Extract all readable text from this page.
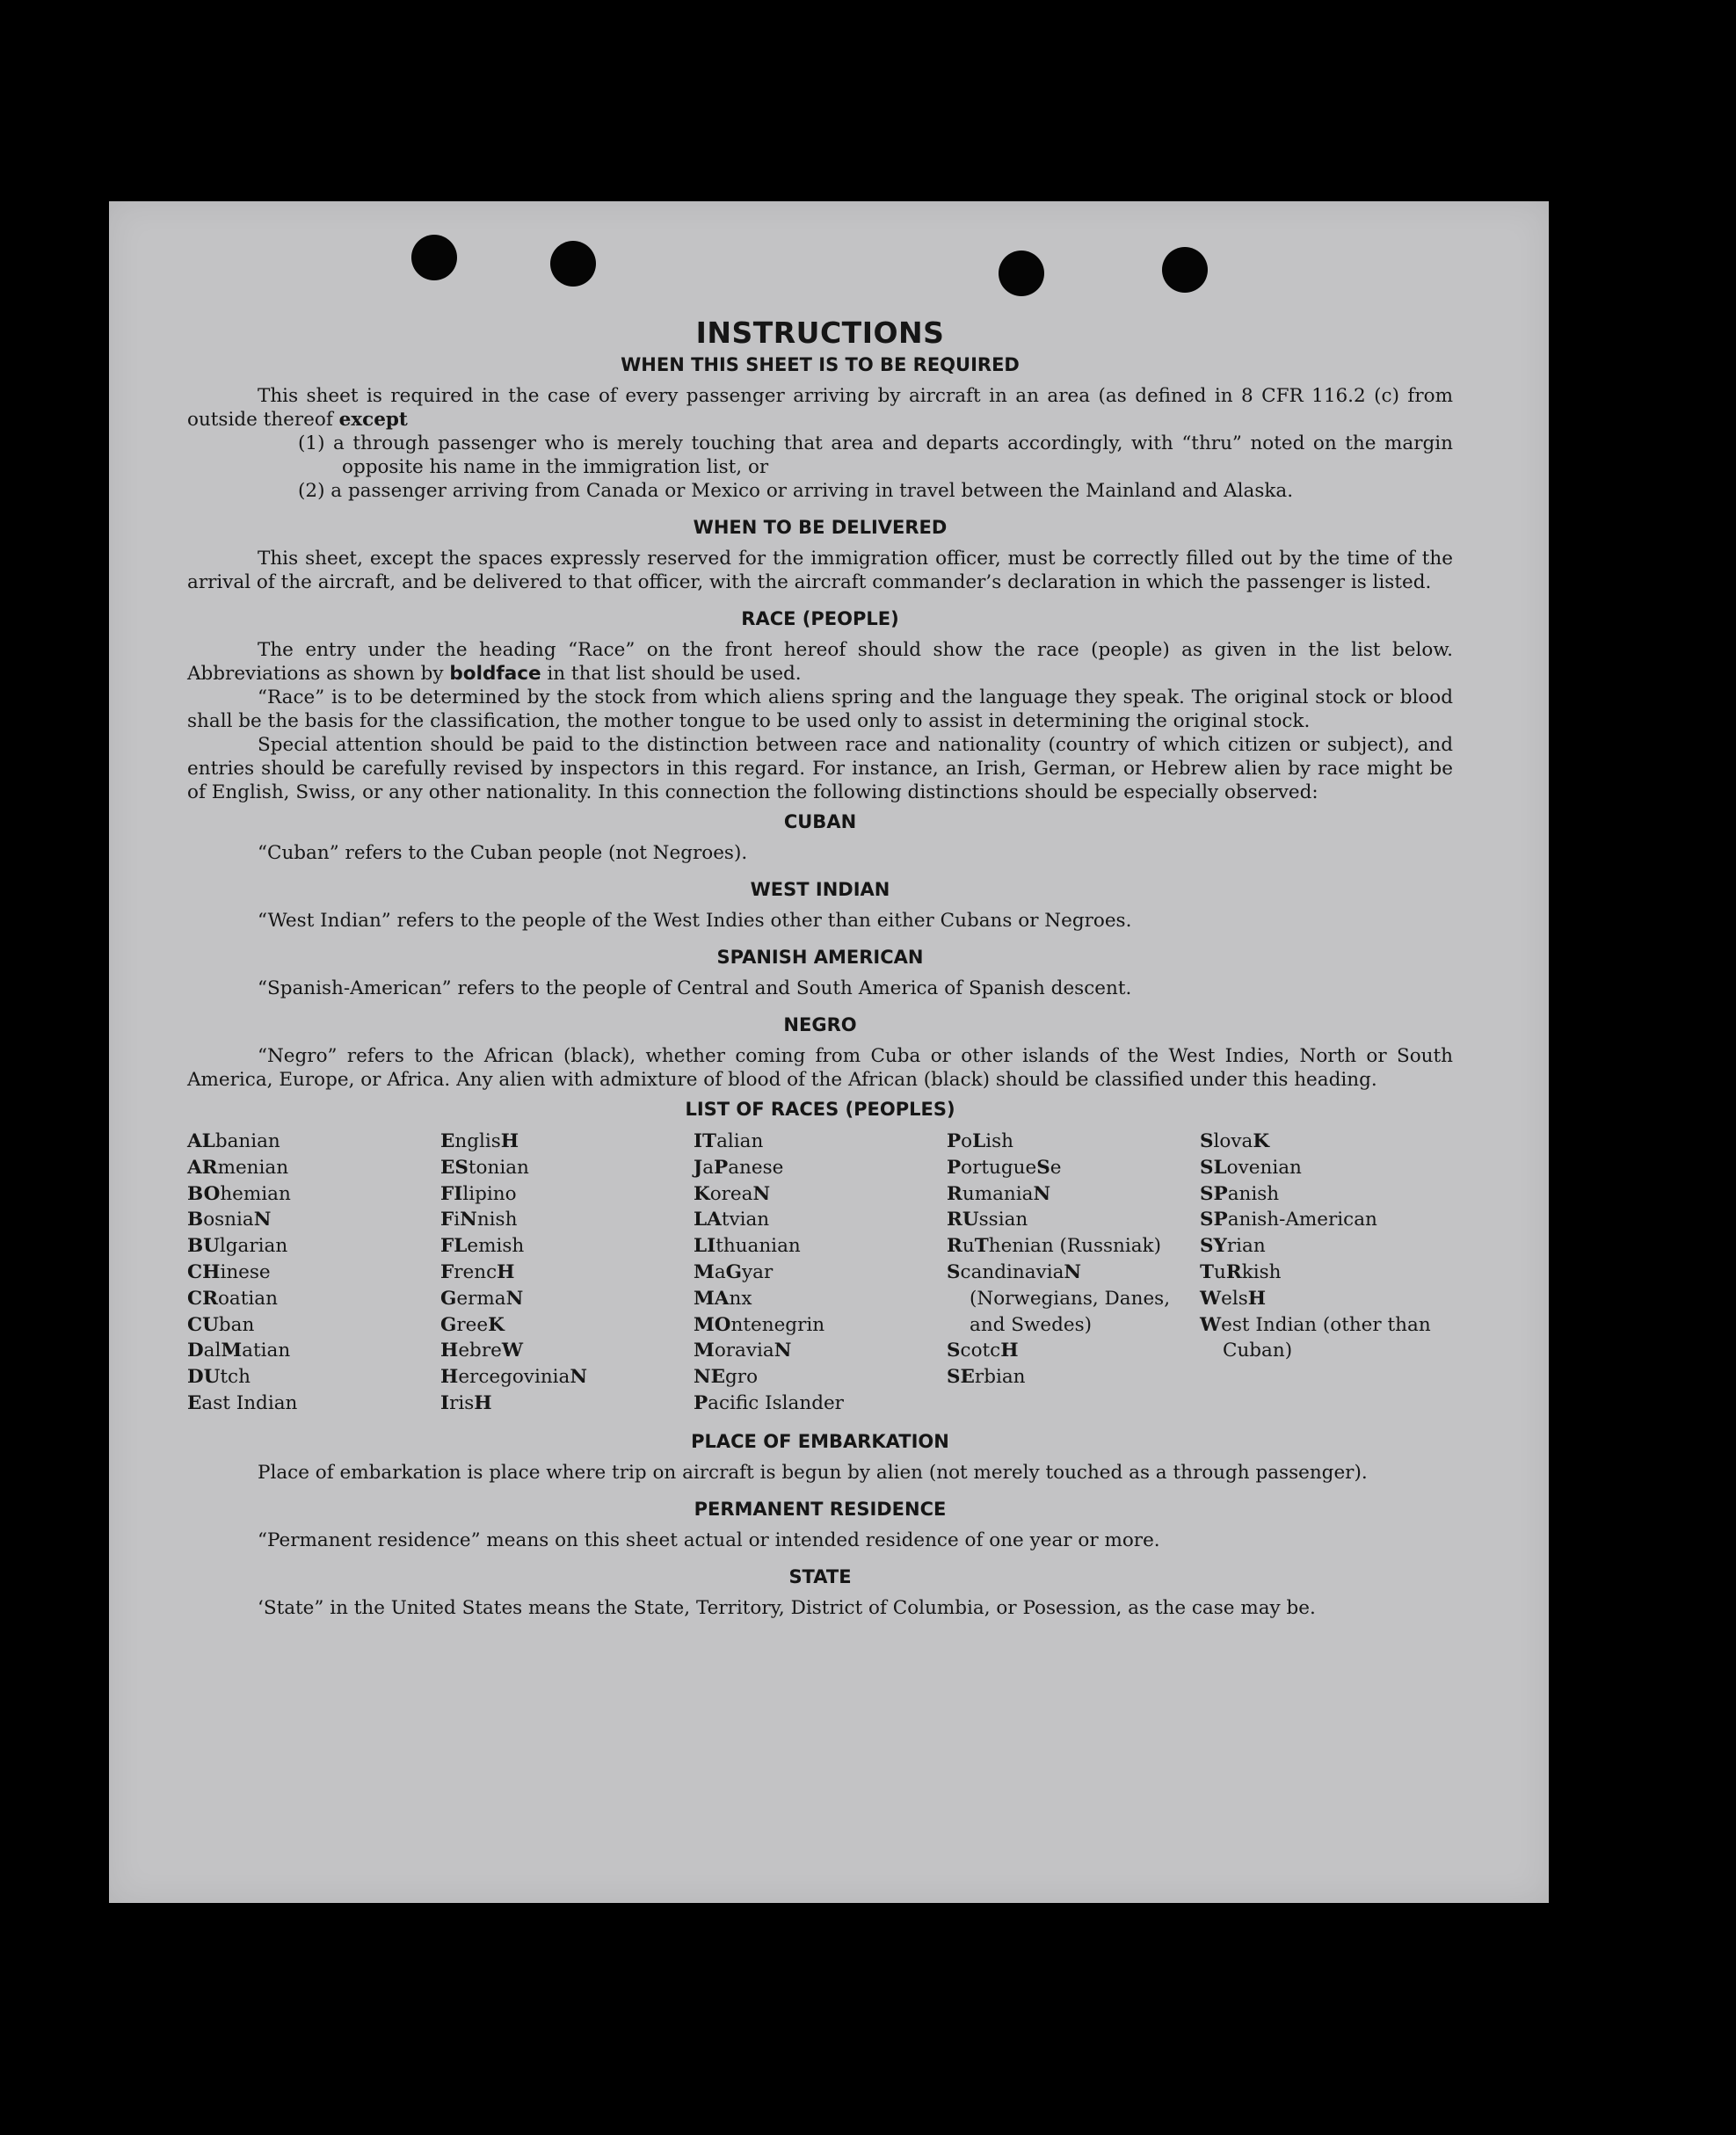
INSTRUCTIONS
WHEN THIS SHEET IS TO BE REQUIRED

This sheet is required in the case of every passenger arriving by aircraft in an area (as defined in 8 CFR 116.2 (c) from outside thereof except

(1) a through passenger who is merely touching that area and departs accordingly, with “thru” noted on the margin opposite his name in the immigration list, or

(2) a passenger arriving from Canada or Mexico or arriving in travel between the Mainland and Alaska.

WHEN TO BE DELIVERED

This sheet, except the spaces expressly reserved for the immigration officer, must be correctly filled out by the time of the arrival of the aircraft, and be delivered to that officer, with the aircraft commander’s declaration in which the passenger is listed.

RACE (PEOPLE)

The entry under the heading “Race” on the front hereof should show the race (people) as given in the list below. Abbreviations as shown by boldface in that list should be used.

“Race” is to be determined by the stock from which aliens spring and the language they speak. The original stock or blood shall be the basis for the classification, the mother tongue to be used only to assist in determining the original stock.

Special attention should be paid to the distinction between race and nationality (country of which citizen or subject), and entries should be carefully revised by inspectors in this regard. For instance, an Irish, German, or Hebrew alien by race might be of English, Swiss, or any other nationality. In this connection the following distinctions should be especially observed:

CUBAN

“Cuban” refers to the Cuban people (not Negroes).

WEST INDIAN

“West Indian” refers to the people of the West Indies other than either Cubans or Negroes.

SPANISH AMERICAN

“Spanish-American” refers to the people of Central and South America of Spanish descent.

NEGRO

“Negro” refers to the African (black), whether coming from Cuba or other islands of the West Indies, North or South America, Europe, or Africa. Any alien with admixture of blood of the African (black) should be classified under this heading.

LIST OF RACES (PEOPLES)
ALbanian
ARmenian
BOhemian
BosniaN
BUlgarian
CHinese
CRoatian
CUban
DalMatian
DUtch
East Indian
EnglisH
EStonian
FIlipino
FiNnish
FLemish
FrencH
GermaN
GreeK
HebreW
HercegoviniaN
IrisH
ITalian
JaPanese
KoreaN
LAtvian
LIthuanian
MaGyar
MAnx
MOntenegrin
MoraviaN
NEgro
Pacific Islander
PoLish
PortugueSe
RumaniaN
RUssian
RuThenian (Russniak)
ScandinaviaN (Norwegians, Danes, and Swedes)
ScotcH
SErbian
SlovaK
SLovenian
SPanish
SPanish-American
SYrian
TuRkish
WelsH
West Indian (other than Cuban)
PLACE OF EMBARKATION

Place of embarkation is place where trip on aircraft is begun by alien (not merely touched as a through passenger).

PERMANENT RESIDENCE

“Permanent residence” means on this sheet actual or intended residence of one year or more.

STATE

‘State” in the United States means the State, Territory, District of Columbia, or Posession, as the case may be.
